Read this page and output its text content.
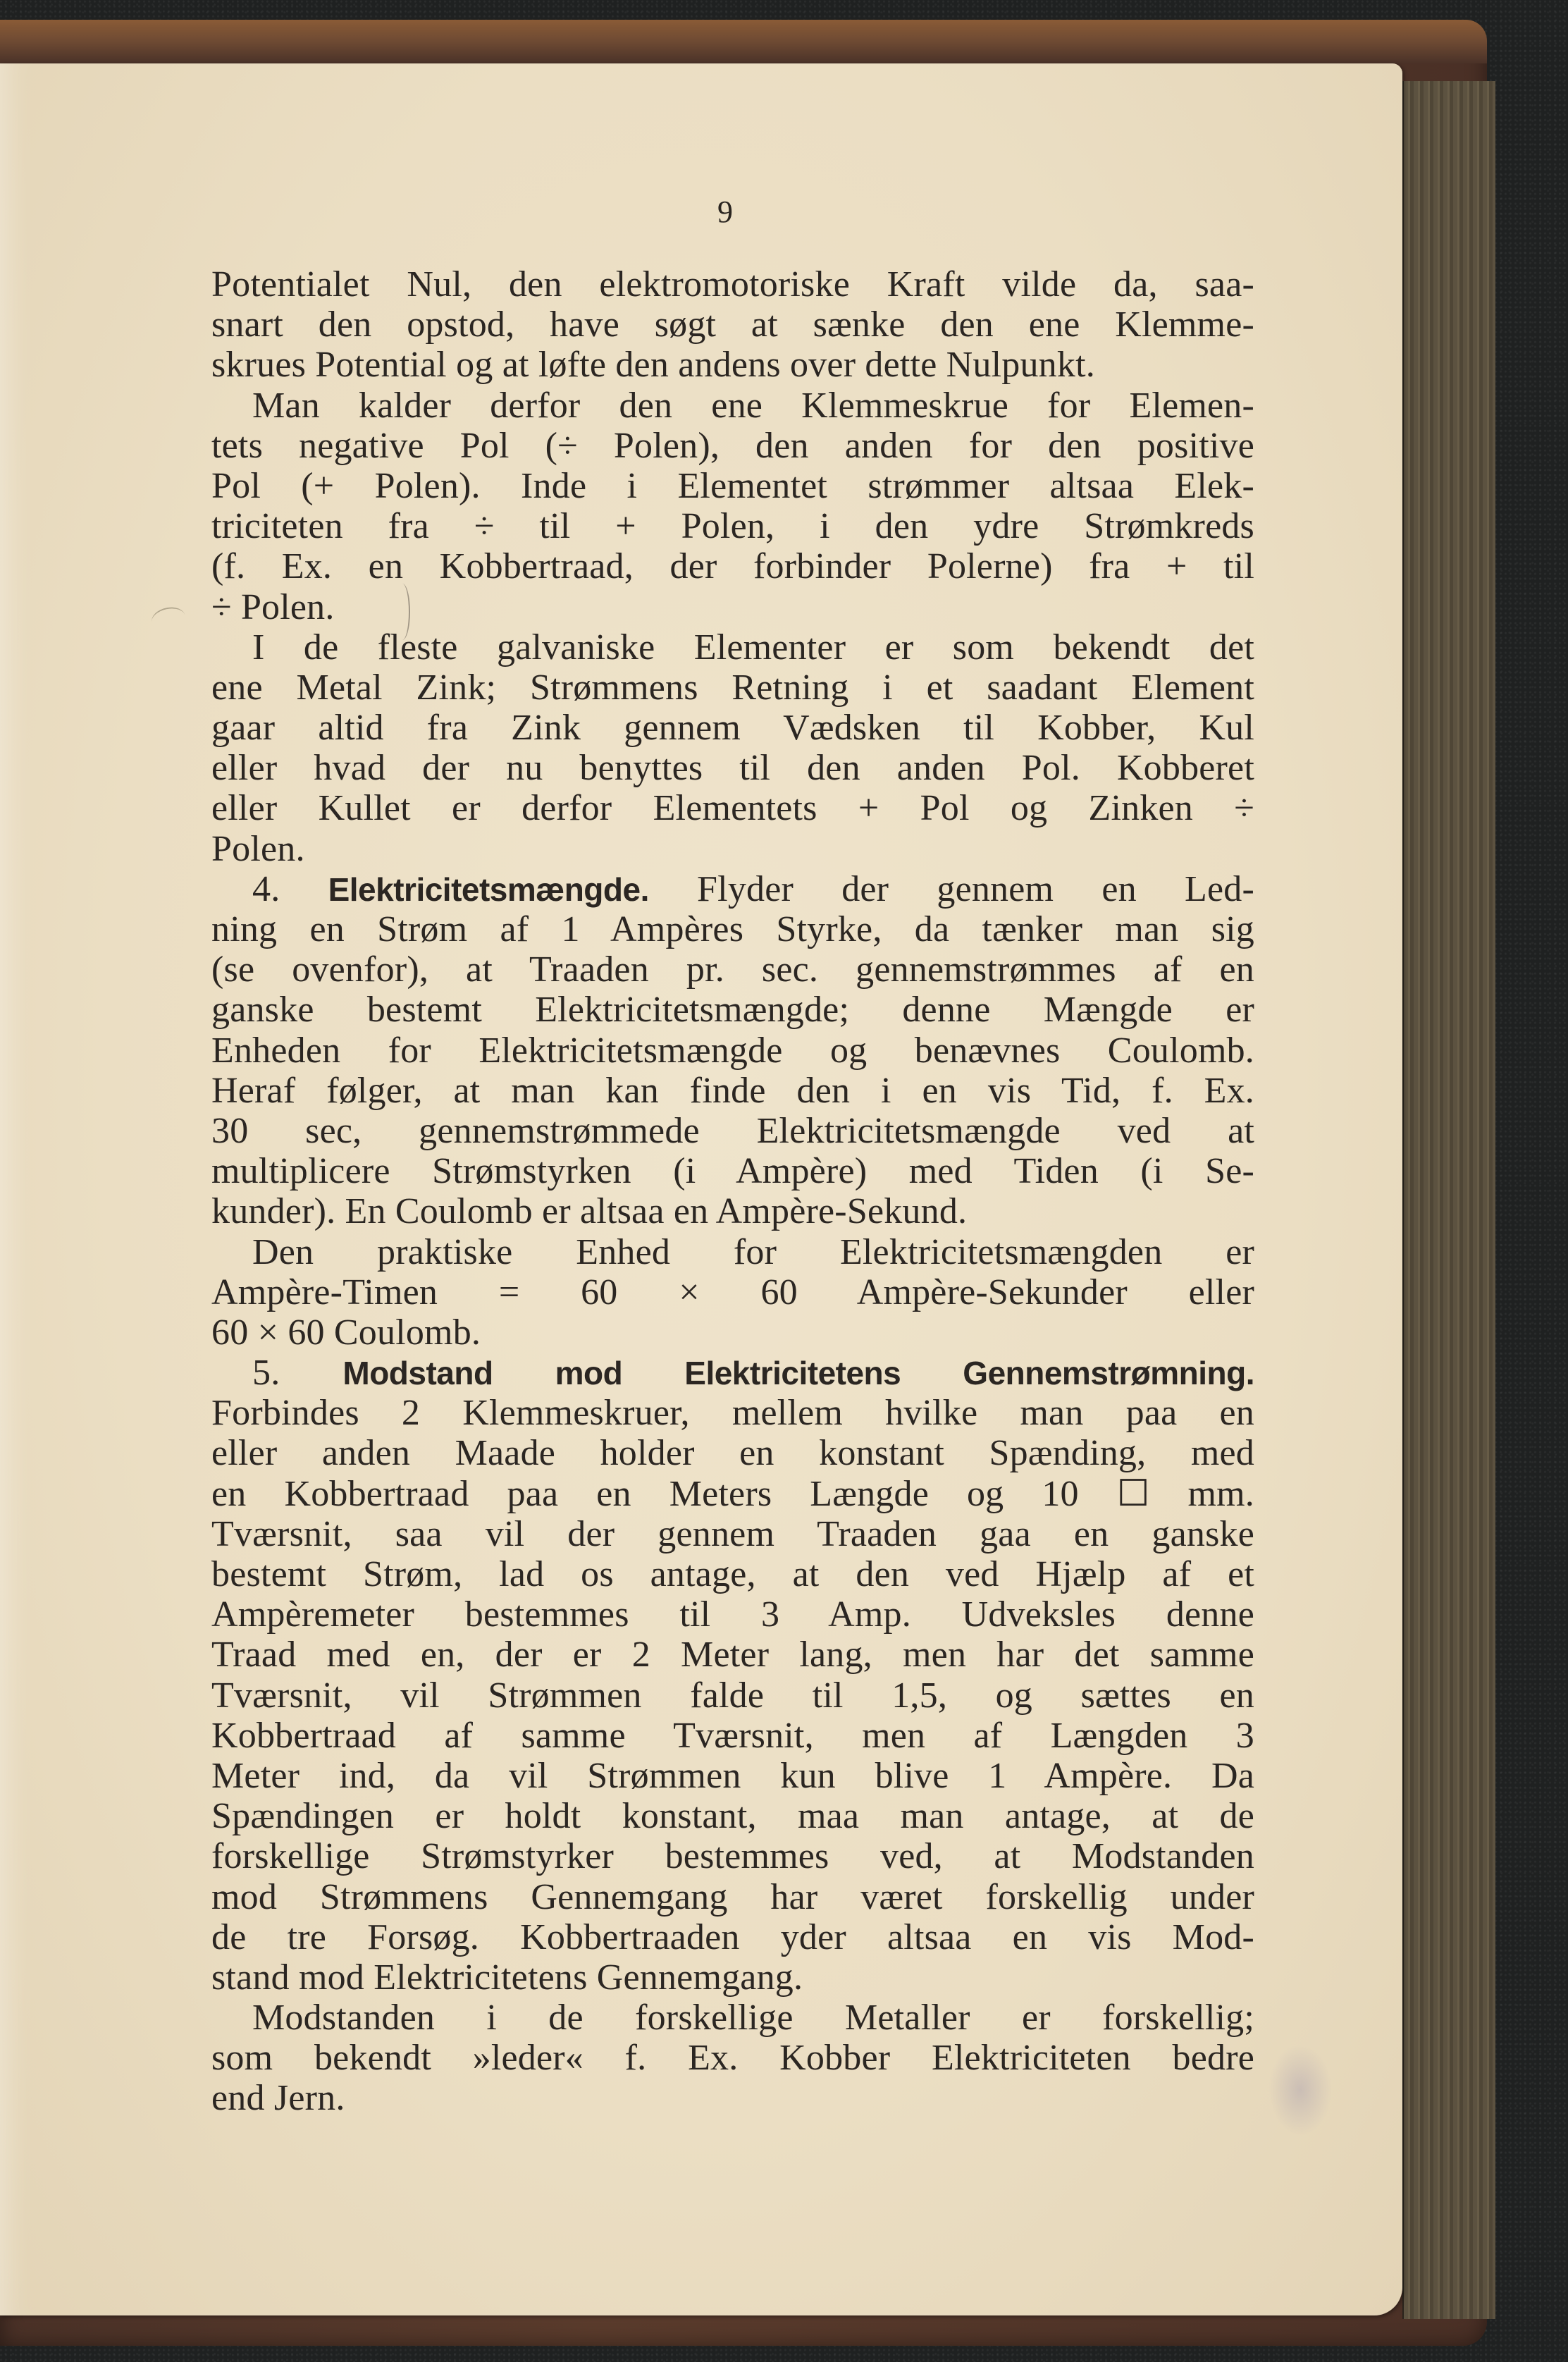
9
Potentialet Nul, den elektromotoriske Kraft vilde da, saa-
snart den opstod, have søgt at sænke den ene Klemme-
skrues Potential og at løfte den andens over dette Nulpunkt.
Man kalder derfor den ene Klemmeskrue for Elemen-
tets negative Pol (÷ Polen), den anden for den positive
Pol (+ Polen). Inde i Elementet strømmer altsaa Elek-
triciteten fra ÷ til + Polen, i den ydre Strømkreds
(f. Ex. en Kobbertraad, der forbinder Polerne) fra + til
÷ Polen.
I de fleste galvaniske Elementer er som bekendt det
ene Metal Zink; Strømmens Retning i et saadant Element
gaar altid fra Zink gennem Vædsken til Kobber, Kul
eller hvad der nu benyttes til den anden Pol. Kobberet
eller Kullet er derfor Elementets + Pol og Zinken ÷
Polen.
4. Elektricitetsmængde. Flyder der gennem en Led-
ning en Strøm af 1 Ampères Styrke, da tænker man sig
(se ovenfor), at Traaden pr. sec. gennemstrømmes af en
ganske bestemt Elektricitetsmængde; denne Mængde er
Enheden for Elektricitetsmængde og benævnes Coulomb.
Heraf følger, at man kan finde den i en vis Tid, f. Ex.
30 sec, gennemstrømmede Elektricitetsmængde ved at
multiplicere Strømstyrken (i Ampère) med Tiden (i Se-
kunder). En Coulomb er altsaa en Ampère-Sekund.
Den praktiske Enhed for Elektricitetsmængden er
Ampère-Timen = 60 × 60 Ampère-Sekunder eller
60 × 60 Coulomb.
5. Modstand mod Elektricitetens Gennemstrømning.
Forbindes 2 Klemmeskruer, mellem hvilke man paa en
eller anden Maade holder en konstant Spænding, med
en Kobbertraad paa en Meters Længde og 10 ☐ mm.
Tværsnit, saa vil der gennem Traaden gaa en ganske
bestemt Strøm, lad os antage, at den ved Hjælp af et
Ampèremeter bestemmes til 3 Amp. Udveksles denne
Traad med en, der er 2 Meter lang, men har det samme
Tværsnit, vil Strømmen falde til 1,5, og sættes en
Kobbertraad af samme Tværsnit, men af Længden 3
Meter ind, da vil Strømmen kun blive 1 Ampère. Da
Spændingen er holdt konstant, maa man antage, at de
forskellige Strømstyrker bestemmes ved, at Modstanden
mod Strømmens Gennemgang har været forskellig under
de tre Forsøg. Kobbertraaden yder altsaa en vis Mod-
stand mod Elektricitetens Gennemgang.
Modstanden i de forskellige Metaller er forskellig;
som bekendt »leder« f. Ex. Kobber Elektriciteten bedre
end Jern.
